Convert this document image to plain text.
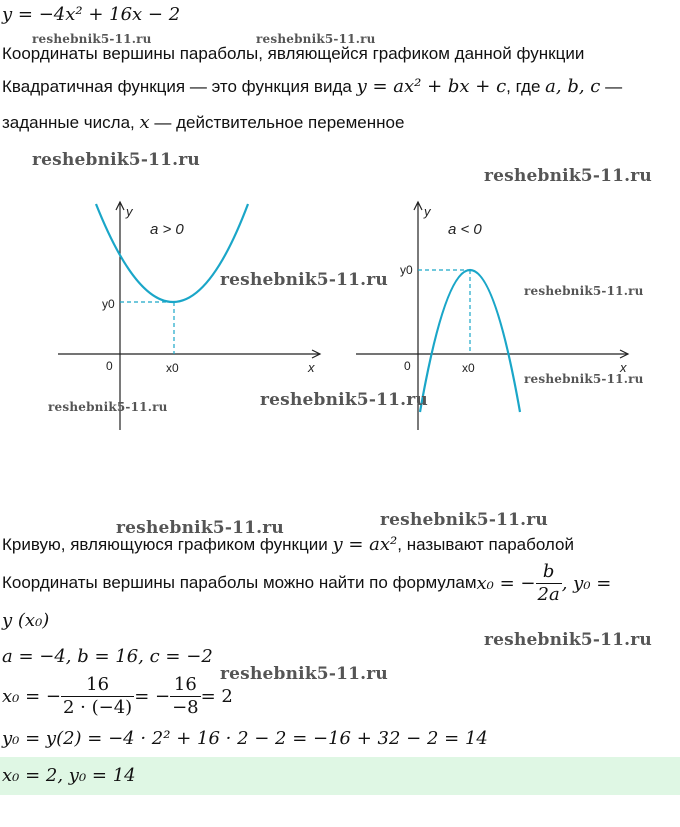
y = −4x² + 16x − 2
Координаты вершины параболы, являющейся графиком данной функции
Квадратичная функция — это функция вида y = ax² + bx + c, где a, b, c —
заданные числа, x — действительное переменное
y
x
0
y0
x0
a > 0
y
x
0
y0
x0
a < 0
Кривую, являющуюся графиком функции y = ax², называют параболой
Координаты вершины параболы можно найти по формулам x₀ = − $\frac{b}{2a}$ , y₀ =
y (x₀)
a = −4, b = 16, c = −2
x₀ = − $\frac{16}{2 \cdot (-4)}$ = − $\frac{16}{-8} = 2$
y₀ = y(2) = −4 · 2² + 16 · 2 − 2 = −16 + 32 − 2 = 14
x₀ = 2, y₀ = 14
reshebnik5-11.ru	reshebnik5-11.ru
reshebnik5-11.ru
reshebnik5-11.ru
reshebnik5-11.ru
reshebnik5-11.ru
reshebnik5-11.ru
reshebnik5-11.ru
reshebnik5-11.ru
reshebnik5-11.ru	reshebnik5-11.ru
reshebnik5-11.ru
reshebnik5-11.ru
